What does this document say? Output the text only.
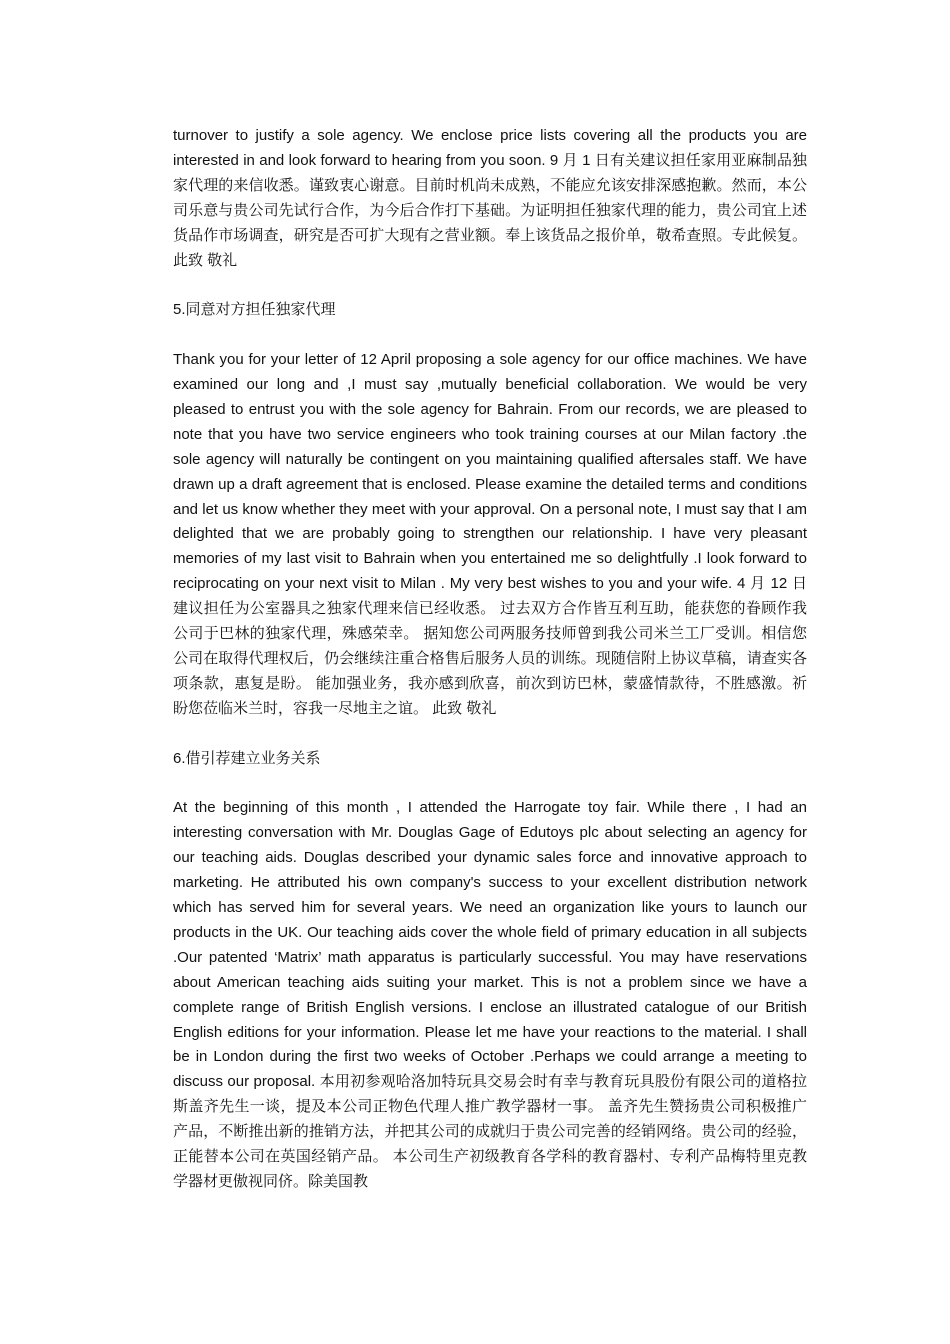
turnover to justify a sole agency. We enclose price lists covering all the products you are interested in and look forward to hearing from you soon. 9 月 1 日有关建议担任家用亚麻制品独家代理的来信收悉。谨致衷心谢意。目前时机尚未成熟，不能应允该安排深感抱歉。然而，本公司乐意与贵公司先试行合作，为今后合作打下基础。为证明担任独家代理的能力，贵公司宜上述货品作市场调查，研究是否可扩大现有之营业额。奉上该货品之报价单，敬希查照。专此候复。 此致 敬礼

5.同意对方担任独家代理

Thank you for your letter of 12 April proposing a sole agency for our office machines. We have examined our long and ,I must say ,mutually beneficial collaboration. We would be very pleased to entrust you with the sole agency for Bahrain. From our records, we are pleased to note that you have two service engineers who took training courses at our Milan factory .the sole agency will naturally be contingent on you maintaining qualified aftersales staff. We have drawn up a draft agreement that is enclosed. Please examine the detailed terms and conditions and let us know whether they meet with your approval. On a personal note, I must say that I am delighted that we are probably going to strengthen our relationship. I have very pleasant memories of my last visit to Bahrain when you entertained me so delightfully .I look forward to reciprocating on your next visit to Milan . My very best wishes to you and your wife. 4 月 12 日建议担任为公室器具之独家代理来信已经收悉。 过去双方合作皆互利互助，能获您的眷顾作我公司于巴林的独家代理，殊感荣幸。 据知您公司两服务技师曾到我公司米兰工厂受训。相信您公司在取得代理权后，仍会继续注重合格售后服务人员的训练。现随信附上协议草稿，请查实各项条款，惠复是盼。 能加强业务，我亦感到欣喜，前次到访巴林，蒙盛情款待，不胜感激。祈盼您莅临米兰时，容我一尽地主之谊。 此致 敬礼

6.借引荐建立业务关系

At the beginning of this month , I attended the Harrogate toy fair. While there , I had an interesting conversation with Mr. Douglas Gage of Edutoys plc about selecting an agency for our teaching aids. Douglas described your dynamic sales force and innovative approach to marketing. He attributed his own company's success to your excellent distribution network which has served him for several years. We need an organization like yours to launch our products in the UK. Our teaching aids cover the whole field of primary education in all subjects .Our patented ‘Matrix’ math apparatus is particularly successful. You may have reservations about American teaching aids suiting your market. This is not a problem since we have a complete range of British English versions. I enclose an illustrated catalogue of our British English editions for your information. Please let me have your reactions to the material. I shall be in London during the first two weeks of October .Perhaps we could arrange a meeting to discuss our proposal. 本用初参观哈洛加特玩具交易会时有幸与教育玩具股份有限公司的道格拉斯盖齐先生一谈，提及本公司正物色代理人推广教学器材一事。 盖齐先生赞扬贵公司积极推广产品，不断推出新的推销方法，并把其公司的成就归于贵公司完善的经销网络。贵公司的经验，正能替本公司在英国经销产品。 本公司生产初级教育各学科的教育器村、专利产品梅特里克教学器材更傲视同侪。除美国教
